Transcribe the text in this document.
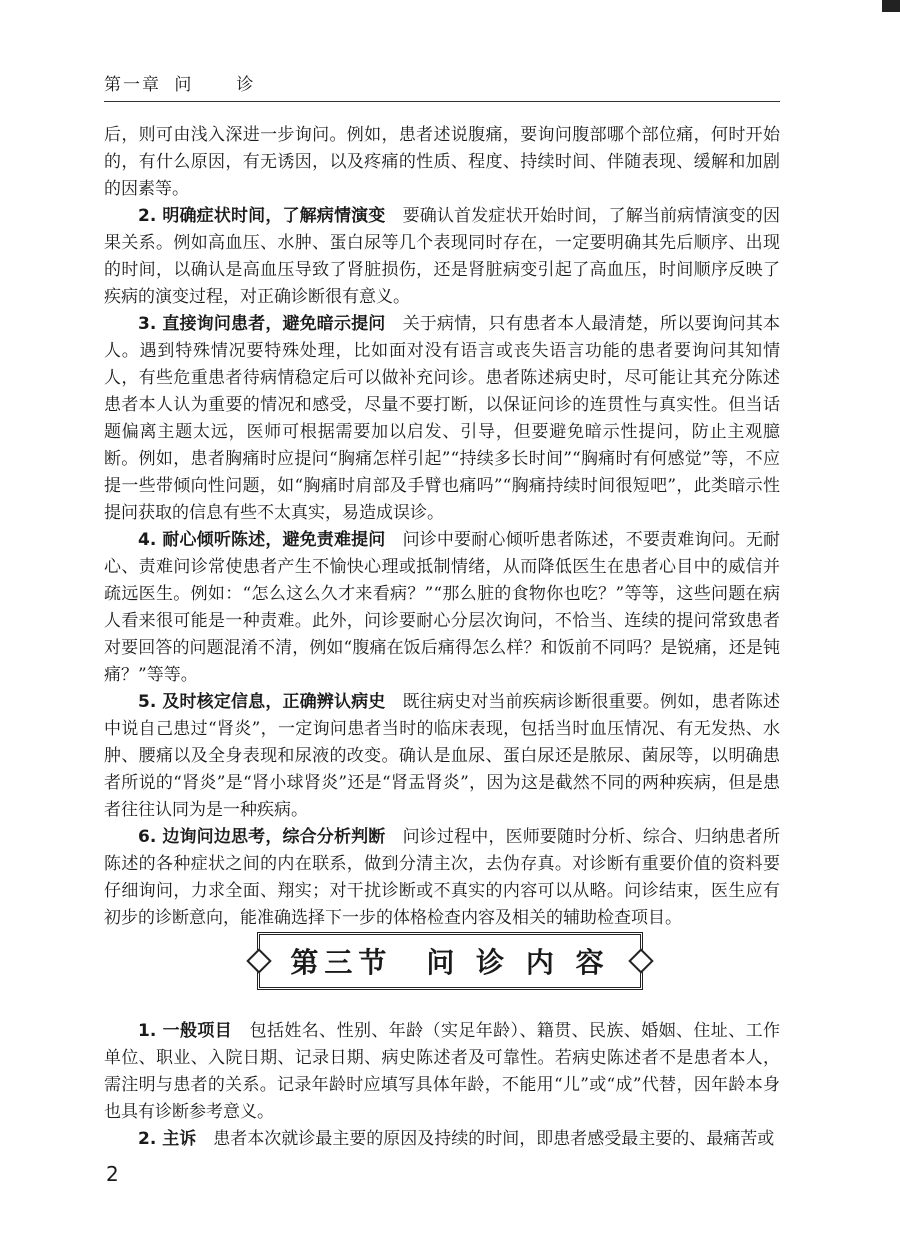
第一章 问　诊

后，则可由浅入深进一步询问。例如，患者述说腹痛，要询问腹部哪个部位痛，何时开始的，有什么原因，有无诱因，以及疼痛的性质、程度、持续时间、伴随表现、缓解和加剧的因素等。

2. 明确症状时间，了解病情演变 要确认首发症状开始时间，了解当前病情演变的因果关系。例如高血压、水肿、蛋白尿等几个表现同时存在，一定要明确其先后顺序、出现的时间，以确认是高血压导致了肾脏损伤，还是肾脏病变引起了高血压，时间顺序反映了疾病的演变过程，对正确诊断很有意义。

3. 直接询问患者，避免暗示提问 关于病情，只有患者本人最清楚，所以要询问其本人。遇到特殊情况要特殊处理，比如面对没有语言或丧失语言功能的患者要询问其知情人，有些危重患者待病情稳定后可以做补充问诊。患者陈述病史时，尽可能让其充分陈述患者本人认为重要的情况和感受，尽量不要打断，以保证问诊的连贯性与真实性。但当话题偏离主题太远，医师可根据需要加以启发、引导，但要避免暗示性提问，防止主观臆断。例如，患者胸痛时应提问“胸痛怎样引起”“持续多长时间”“胸痛时有何感觉”等，不应提一些带倾向性问题，如“胸痛时肩部及手臂也痛吗”“胸痛持续时间很短吧”，此类暗示性提问获取的信息有些不太真实，易造成误诊。

4. 耐心倾听陈述，避免责难提问 问诊中要耐心倾听患者陈述，不要责难询问。无耐心、责难问诊常使患者产生不愉快心理或抵制情绪，从而降低医生在患者心目中的威信并疏远医生。例如：“怎么这么久才来看病？”“那么脏的食物你也吃？”等等，这些问题在病人看来很可能是一种责难。此外，问诊要耐心分层次询问，不恰当、连续的提问常致患者对要回答的问题混淆不清，例如“腹痛在饭后痛得怎么样？和饭前不同吗？是锐痛，还是钝痛？”等等。

5. 及时核定信息，正确辨认病史 既往病史对当前疾病诊断很重要。例如，患者陈述中说自己患过“肾炎”，一定询问患者当时的临床表现，包括当时血压情况、有无发热、水肿、腰痛以及全身表现和尿液的改变。确认是血尿、蛋白尿还是脓尿、菌尿等，以明确患者所说的“肾炎”是“肾小球肾炎”还是“肾盂肾炎”，因为这是截然不同的两种疾病，但是患者往往认同为是一种疾病。

6. 边询问边思考，综合分析判断 问诊过程中，医师要随时分析、综合、归纳患者所陈述的各种症状之间的内在联系，做到分清主次，去伪存真。对诊断有重要价值的资料要仔细询问，力求全面、翔实；对干扰诊断或不真实的内容可以从略。问诊结束，医生应有初步的诊断意向，能准确选择下一步的体格检查内容及相关的辅助检查项目。

第三节　问 诊 内 容

1. 一般项目 包括姓名、性别、年龄（实足年龄）、籍贯、民族、婚姻、住址、工作单位、职业、入院日期、记录日期、病史陈述者及可靠性。若病史陈述者不是患者本人，需注明与患者的关系。记录年龄时应填写具体年龄，不能用“儿”或“成”代替，因年龄本身也具有诊断参考意义。

2. 主诉 患者本次就诊最主要的原因及持续的时间，即患者感受最主要的、最痛苦或

2
